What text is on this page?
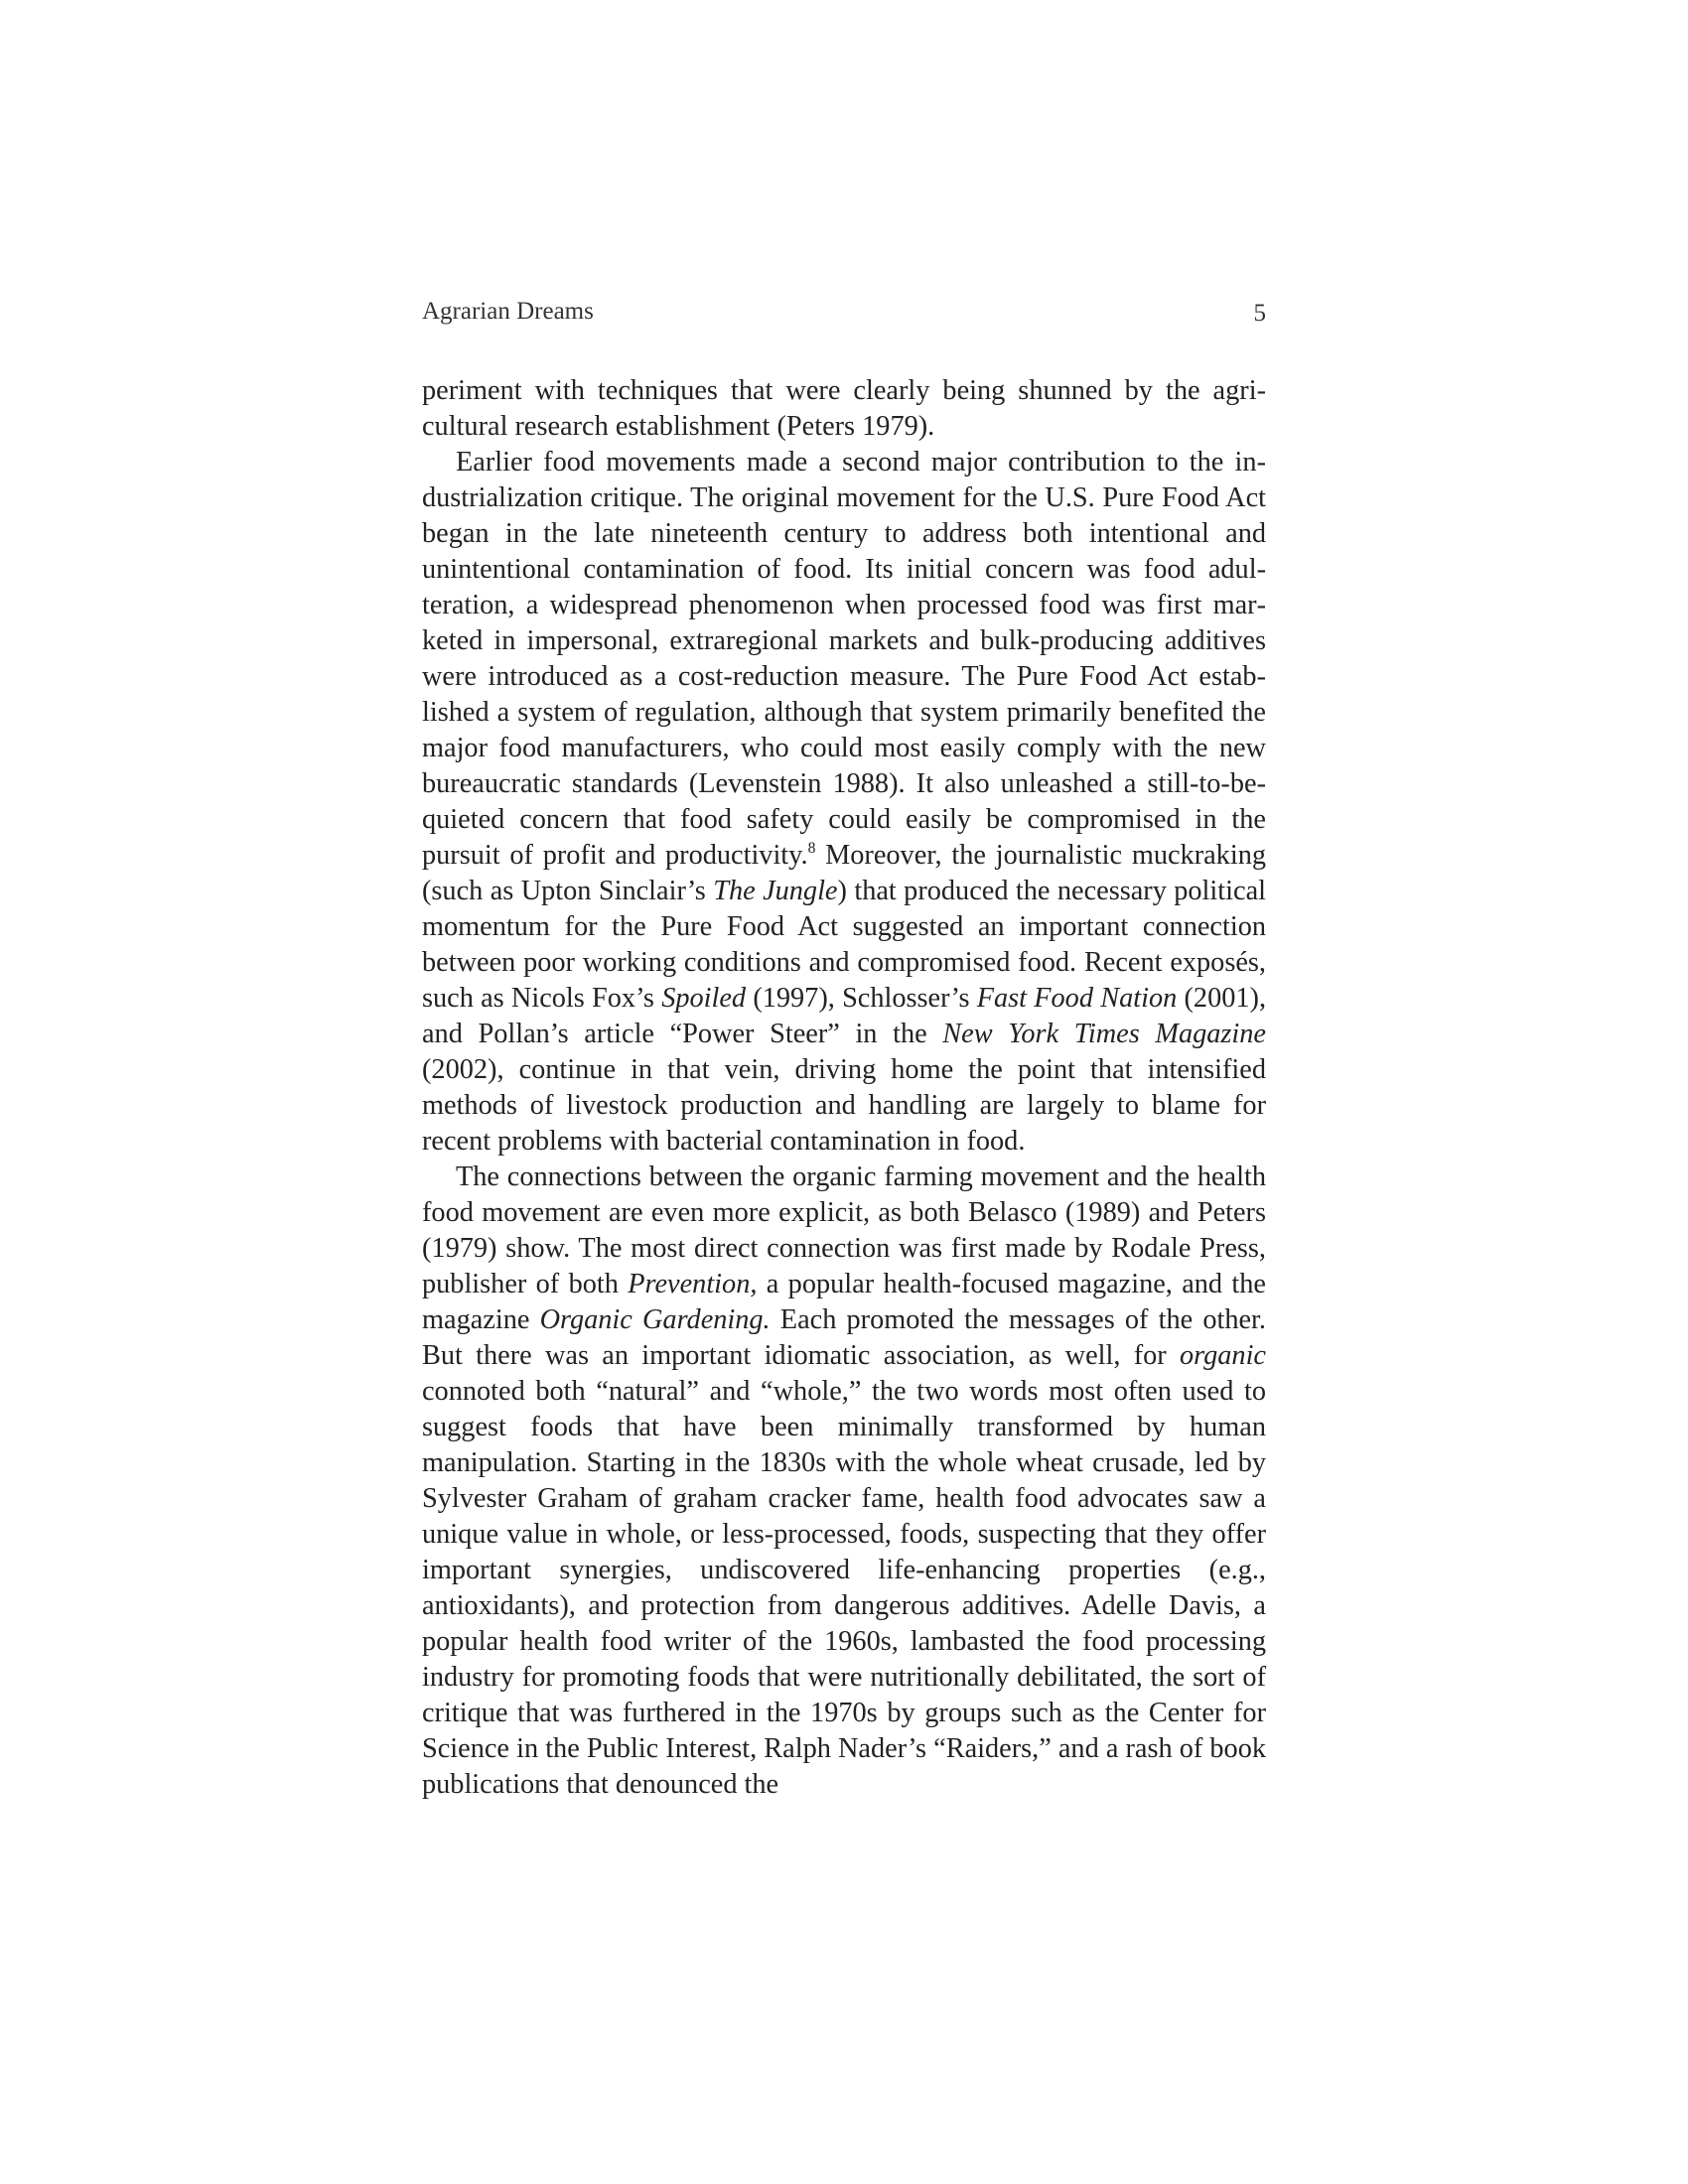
Agrarian Dreams	5

periment with techniques that were clearly being shunned by the agricultural research establishment (Peters 1979).

Earlier food movements made a second major contribution to the industrialization critique. The original movement for the U.S. Pure Food Act began in the late nineteenth century to address both intentional and unintentional contamination of food. Its initial concern was food adulteration, a widespread phenomenon when processed food was first marketed in impersonal, extraregional markets and bulk-producing additives were introduced as a cost-reduction measure. The Pure Food Act established a system of regulation, although that system primarily benefited the major food manufacturers, who could most easily comply with the new bureaucratic standards (Levenstein 1988). It also unleashed a still-to-be-quieted concern that food safety could easily be compromised in the pursuit of profit and productivity.$^8$ Moreover, the journalistic muckraking (such as Upton Sinclair’s The Jungle) that produced the necessary political momentum for the Pure Food Act suggested an important connection between poor working conditions and compromised food. Recent exposés, such as Nicols Fox’s Spoiled (1997), Schlosser’s Fast Food Nation (2001), and Pollan’s article “Power Steer” in the New York Times Magazine (2002), continue in that vein, driving home the point that intensified methods of livestock production and handling are largely to blame for recent problems with bacterial contamination in food.

The connections between the organic farming movement and the health food movement are even more explicit, as both Belasco (1989) and Peters (1979) show. The most direct connection was first made by Rodale Press, publisher of both Prevention, a popular health-focused magazine, and the magazine Organic Gardening. Each promoted the messages of the other. But there was an important idiomatic association, as well, for organic connoted both “natural” and “whole,” the two words most often used to suggest foods that have been minimally transformed by human manipulation. Starting in the 1830s with the whole wheat crusade, led by Sylvester Graham of graham cracker fame, health food advocates saw a unique value in whole, or less-processed, foods, suspecting that they offer important synergies, undiscovered life-enhancing properties (e.g., antioxidants), and protection from dangerous additives. Adelle Davis, a popular health food writer of the 1960s, lambasted the food processing industry for promoting foods that were nutritionally debilitated, the sort of critique that was furthered in the 1970s by groups such as the Center for Science in the Public Interest, Ralph Nader’s “Raiders,” and a rash of book publications that denounced the
